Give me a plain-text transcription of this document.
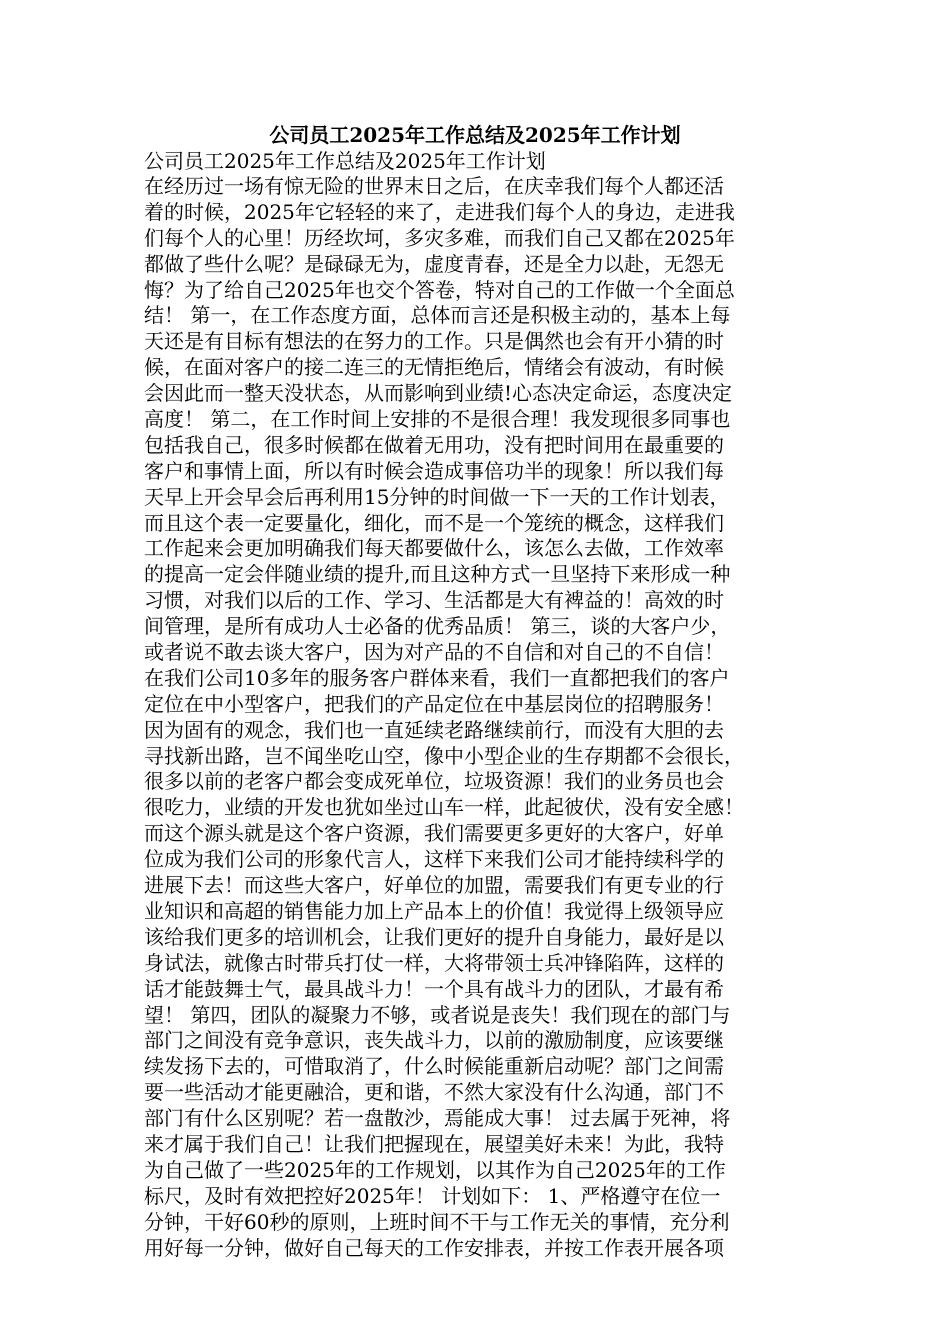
公司员工2025年工作总结及2025年工作计划

公司员工2025年工作总结及2025年工作计划

在经历过一场有惊无险的世界末日之后，在庆幸我们每个人都还活
着的时候，2025年它轻轻的来了，走进我们每个人的身边，走进我
们每个人的心里！历经坎坷，多灾多难，而我们自己又都在2025年
都做了些什么呢？是碌碌无为，虚度青春，还是全力以赴，无怨无
悔？为了给自己2025年也交个答卷，特对自己的工作做一个全面总
结！ 第一，在工作态度方面，总体而言还是积极主动的，基本上每
天还是有目标有想法的在努力的工作。只是偶然也会有开小猜的时
候，在面对客户的接二连三的无情拒绝后，情绪会有波动，有时候
会因此而一整天没状态，从而影响到业绩!心态决定命运，态度决定
高度！ 第二，在工作时间上安排的不是很合理！我发现很多同事也
包括我自己，很多时候都在做着无用功，没有把时间用在最重要的
客户和事情上面，所以有时候会造成事倍功半的现象！所以我们每
天早上开会早会后再利用15分钟的时间做一下一天的工作计划表，
而且这个表一定要量化，细化，而不是一个笼统的概念，这样我们
工作起来会更加明确我们每天都要做什么，该怎么去做，工作效率
的提高一定会伴随业绩的提升,而且这种方式一旦坚持下来形成一种
习惯，对我们以后的工作、学习、生活都是大有裨益的！高效的时
间管理，是所有成功人士必备的优秀品质！ 第三，谈的大客户少，
或者说不敢去谈大客户，因为对产品的不自信和对自己的不自信！
在我们公司10多年的服务客户群体来看，我们一直都把我们的客户
定位在中小型客户，把我们的产品定位在中基层岗位的招聘服务！
因为固有的观念，我们也一直延续老路继续前行，而没有大胆的去
寻找新出路，岂不闻坐吃山空，像中小型企业的生存期都不会很长，
很多以前的老客户都会变成死单位，垃圾资源！我们的业务员也会
很吃力，业绩的开发也犹如坐过山车一样，此起彼伏，没有安全感！
而这个源头就是这个客户资源，我们需要更多更好的大客户，好单
位成为我们公司的形象代言人，这样下来我们公司才能持续科学的
进展下去！而这些大客户，好单位的加盟，需要我们有更专业的行
业知识和高超的销售能力加上产品本上的价值！我觉得上级领导应
该给我们更多的培训机会，让我们更好的提升自身能力，最好是以
身试法，就像古时带兵打仗一样，大将带领士兵冲锋陷阵，这样的
话才能鼓舞士气，最具战斗力！一个具有战斗力的团队，才最有希
望！ 第四，团队的凝聚力不够，或者说是丧失！我们现在的部门与
部门之间没有竞争意识，丧失战斗力，以前的激励制度，应该要继
续发扬下去的，可惜取消了，什么时候能重新启动呢？部门之间需
要一些活动才能更融洽，更和谐，不然大家没有什么沟通，部门不
部门有什么区别呢？若一盘散沙，焉能成大事！ 过去属于死神，将
来才属于我们自己！让我们把握现在，展望美好未来！为此，我特
为自己做了一些2025年的工作规划，以其作为自己2025年的工作
标尺，及时有效把控好2025年！ 计划如下： 1、严格遵守在位一
分钟，干好60秒的原则，上班时间不干与工作无关的事情，充分利
用好每一分钟，做好自己每天的工作安排表，并按工作表开展各项
